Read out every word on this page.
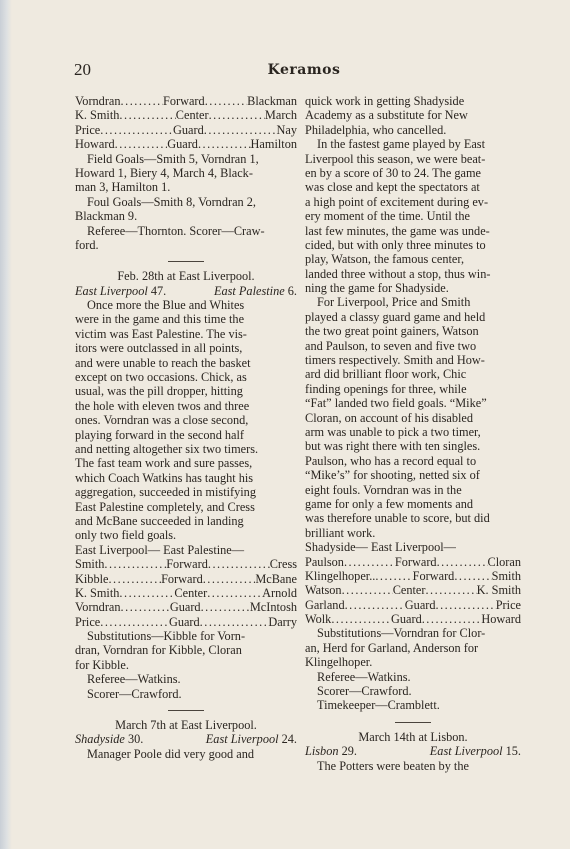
20	Keramos
Vorndran .....	Forward .....	Blackman
K. Smith .....	Center .....	March
Price .....	Guard .....	Nay
Howard .....	Guard .....	Hamilton
Field Goals—Smith 5, Vorndran 1,
Howard 1, Biery 4, March 4, Black-
man 3, Hamilton 1.
Foul Goals—Smith 8, Vorndran 2,
Blackman 9.
Referee—Thornton. Scorer—Craw-
ford.
Feb. 28th at East Liverpool.
East Liverpool 47.	East Palestine 6.
Once more the Blue and Whites
were in the game and this time the
victim was East Palestine. The vis-
itors were outclassed in all points,
and were unable to reach the basket
except on two occasions. Chick, as
usual, was the pill dropper, hitting
the hole with eleven twos and three
ones. Vorndran was a close second,
playing forward in the second half
and netting altogether six two timers.
The fast team work and sure passes,
which Coach Watkins has taught his
aggregation, succeeded in mistifying
East Palestine completely, and Cress
and McBane succeeded in landing
only two field goals.
East Liverpool— East Palestine—
Smith .....	Forward .....	Cress
Kibble .....	Forward .....	McBane
K. Smith .....	Center .....	Arnold
Vorndran .....	Guard .....	McIntosh
Price .....	Guard .....	Darry
Substitutions—Kibble for Vorn-
dran, Vorndran for Kibble, Cloran
for Kibble.
Referee—Watkins.
Scorer—Crawford.
March 7th at East Liverpool.
Shadyside 30.	East Liverpool 24.
Manager Poole did very good and
quick work in getting Shadyside
Academy as a substitute for New
Philadelphia, who cancelled.
In the fastest game played by East
Liverpool this season, we were beat-
en by a score of 30 to 24. The game
was close and kept the spectators at
a high point of excitement during ev-
ery moment of the time. Until the
last few minutes, the game was unde-
cided, but with only three minutes to
play, Watson, the famous center,
landed three without a stop, thus win-
ning the game for Shadyside.
For Liverpool, Price and Smith
played a classy guard game and held
the two great point gainers, Watson
and Paulson, to seven and five two
timers respectively. Smith and How-
ard did brilliant floor work, Chic
finding openings for three, while
“Fat” landed two field goals. “Mike”
Cloran, on account of his disabled
arm was unable to pick a two timer,
but was right there with ten singles.
Paulson, who has a record equal to
“Mike’s” for shooting, netted six of
eight fouls. Vorndran was in the
game for only a few moments and
was therefore unable to score, but did
brilliant work.
Shadyside— East Liverpool—
Paulson .....	Forward .....	Cloran
Klingelhoper.. .....	Forward .....	Smith
Watson .....	Center .....	K. Smith
Garland .....	Guard .....	Price
Wolk .....	Guard .....	Howard
Substitutions—Vorndran for Clor-
an, Herd for Garland, Anderson for
Klingelhoper.
Referee—Watkins.
Scorer—Crawford.
Timekeeper—Cramblett.
March 14th at Lisbon.
Lisbon 29.	East Liverpool 15.
The Potters were beaten by the
